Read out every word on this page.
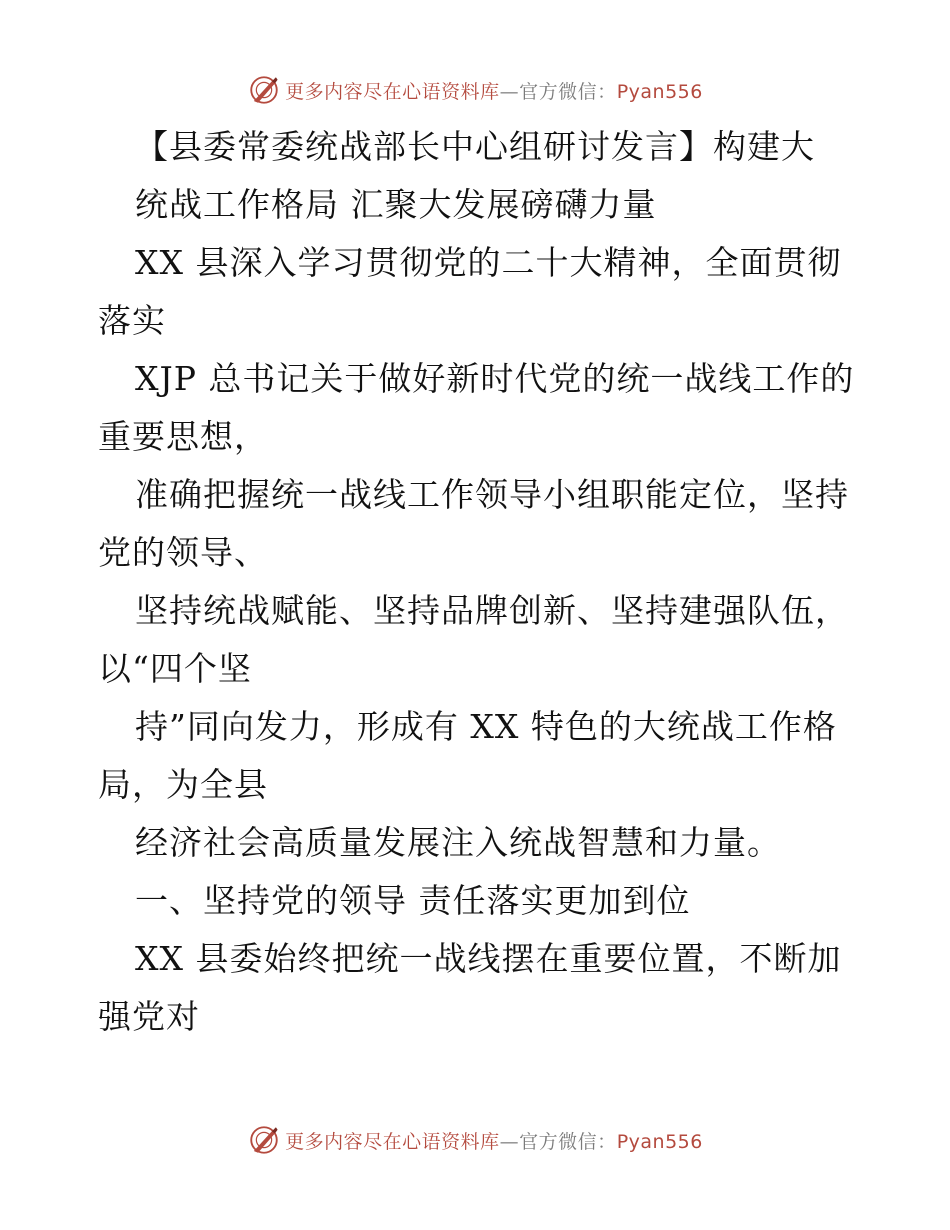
更多内容尽在心语资料库—官方微信：Pyan556
【县委常委统战部长中心组研讨发言】构建大
统战工作格局 汇聚大发展磅礴力量
XX 县深入学习贯彻党的二十大精神，全面贯彻
落实
XJP 总书记关于做好新时代党的统一战线工作的
重要思想，
准确把握统一战线工作领导小组职能定位，坚持
党的领导、
坚持统战赋能、坚持品牌创新、坚持建强队伍，
以“四个坚
持”同向发力，形成有 XX 特色的大统战工作格
局，为全县
经济社会高质量发展注入统战智慧和力量。
一、坚持党的领导 责任落实更加到位
XX 县委始终把统一战线摆在重要位置，不断加
强党对
更多内容尽在心语资料库—官方微信：Pyan556
